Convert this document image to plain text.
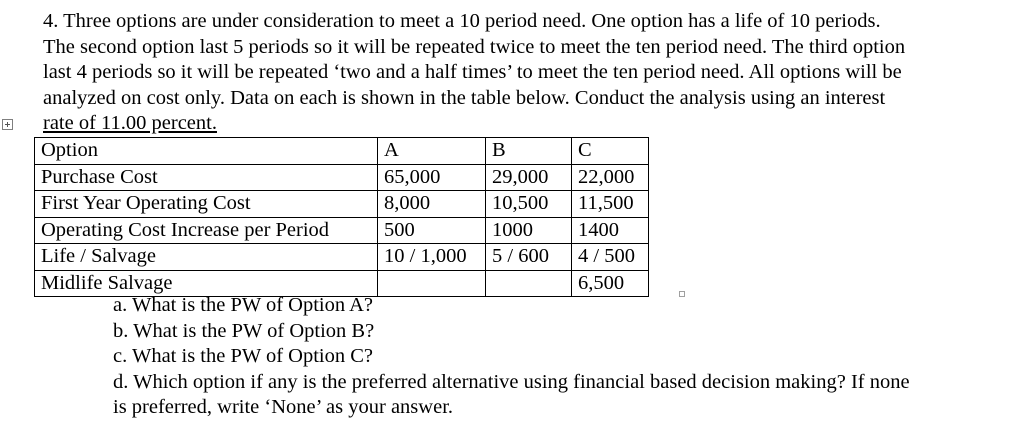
4. Three options are under consideration to meet a 10 period need. One option has a life of 10 periods.
The second option last 5 periods so it will be repeated twice to meet the ten period need. The third option
last 4 periods so it will be repeated ‘two and a half times’ to meet the ten period need. All options will be
analyzed on cost only. Data on each is shown in the table below. Conduct the analysis using an interest
rate of 11.00 percent.
Option	A	B	C
Purchase Cost	65,000	29,000	22,000
First Year Operating Cost	8,000	10,500	11,500
Operating Cost Increase per Period	500	1000	1400
Life / Salvage	10 / 1,000	5 / 600	4 / 500
Midlife Salvage			6,500
a. What is the PW of Option A?
b. What is the PW of Option B?
c. What is the PW of Option C?
d. Which option if any is the preferred alternative using financial based decision making? If none
is preferred, write ‘None’ as your answer.
